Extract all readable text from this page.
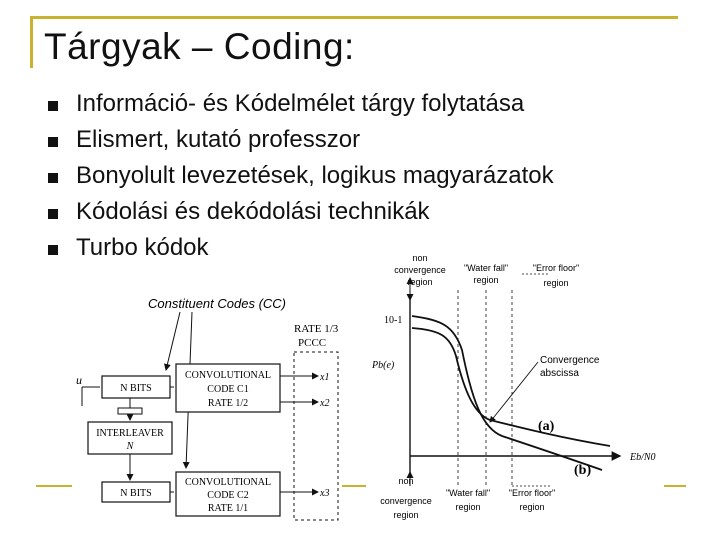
Tárgyak – Coding:
Információ- és Kódelmélet tárgy folytatása
Elismert, kutató professzor
Bonyolult levezetések, logikus magyarázatok
Kódolási és dekódolási technikák
Turbo kódok
Constituent Codes (CC)
RATE 1/3
PCCC
u
N BITS
CONVOLUTIONAL
CODE C1
RATE 1/2
INTERLEAVER
N
N BITS
CONVOLUTIONAL
CODE C2
RATE 1/1
x1
x2
x3
non
convergence
region
"Water fall"
region
"Error floor"
region
Convergence
abscissa
non
convergence
region
"Water fall"
region
"Error floor"
region
10-1
Pb(e)
Eb/N0
(a)
(b)
